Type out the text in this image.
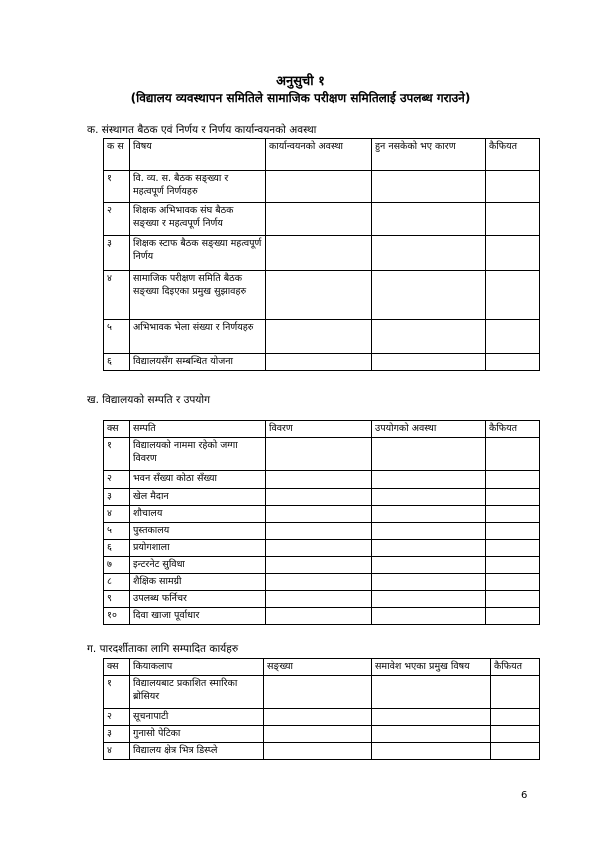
अनुसुची १
(विद्यालय व्यवस्थापन समितिले सामाजिक परीक्षण समितिलाई उपलब्ध गराउने)
क. संस्थागत बैठक एवं निर्णय र निर्णय कार्यान्वयनको अवस्था
क स	विषय	कार्यान्वयनको अवस्था	हुन नसकेको भए कारण	कैफियत
१	वि. व्य. स. बैठक सङ्ख्या र महत्वपूर्ण निर्णयहरु			
२	शिक्षक अभिभावक संघ बैठक सङ्ख्या र महत्वपूर्ण निर्णय			
३	शिक्षक स्टाफ बैठक सङ्ख्या महत्वपूर्ण निर्णय			
४	सामाजिक परीक्षण समिति बैठक सङ्ख्या दिइएका प्रमुख सुझावहरु			
५	अभिभावक भेला संख्या र निर्णयहरु			
६	विद्यालयसँग सम्बन्धित योजना			
ख. विद्यालयको सम्पति र उपयोग
क्स	सम्पति	विवरण	उपयोगको अवस्था	कैफियत
१	विद्यालयको नाममा रहेको जग्गा विवरण			
२	भवन सँख्या कोठा सँख्या			
३	खेल मैदान			
४	शौचालय			
५	पुस्तकालय			
६	प्रयोगशाला			
७	इन्टरनेट सुविधा			
८	शैक्षिक सामग्री			
९	उपलब्ध फर्निचर			
१०	दिवा खाजा पूर्वाधार			
ग. पारदर्शीताका लागि सम्पादित कार्यहरु
क्स	कियाकलाप	सङ्ख्या	समावेश भएका प्रमुख विषय	कैफियत
१	विद्यालयबाट प्रकाशित स्मारिका ब्रोसियर			
२	सूचनापाटी			
३	गुनासो पेटिका			
४	विद्यालय क्षेत्र भित्र डिस्प्ले			
6
